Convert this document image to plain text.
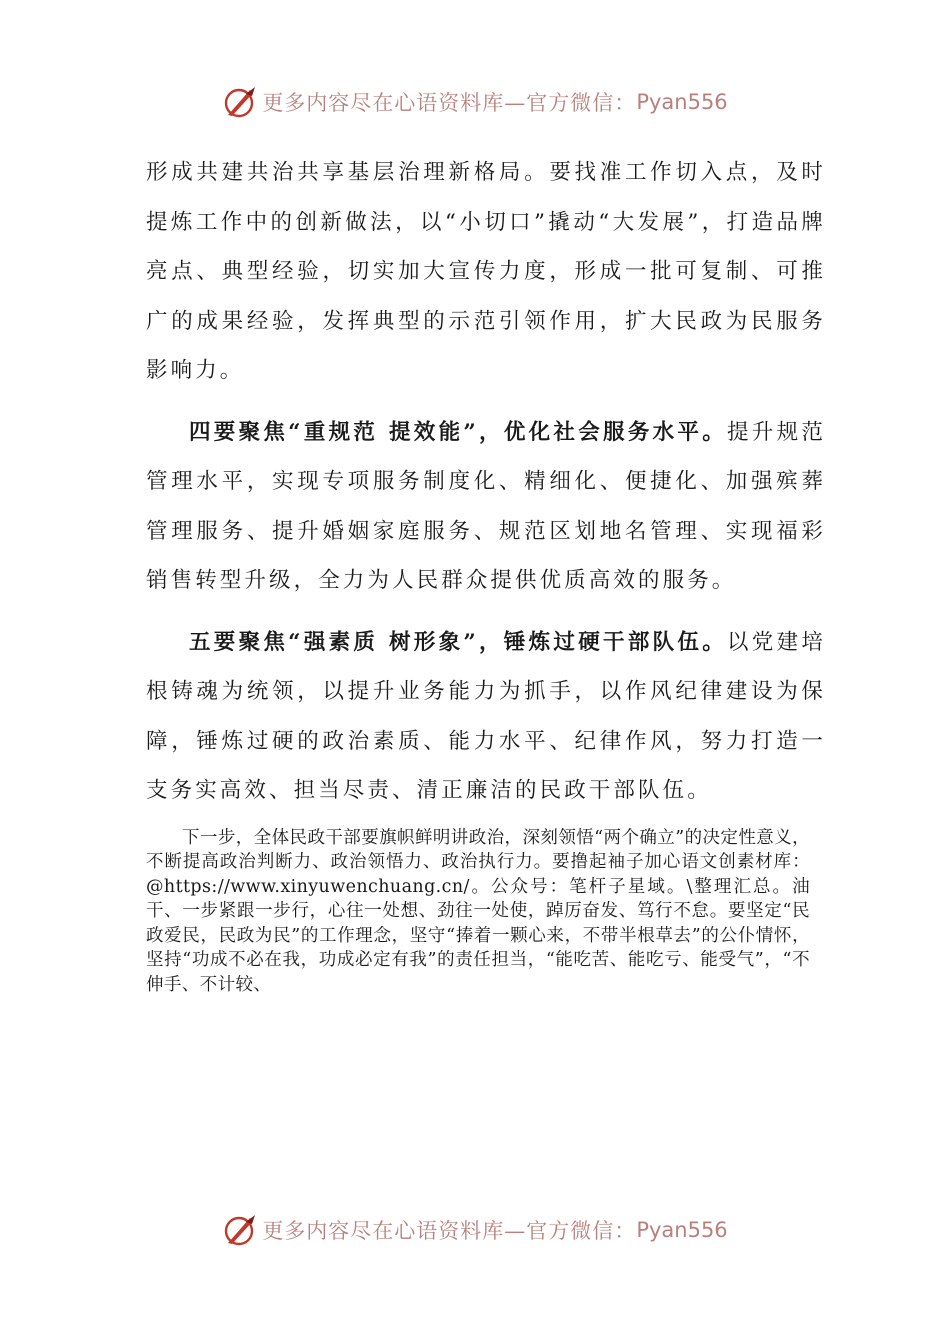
更多内容尽在心语资料库—官方微信： Pyan556

形成共建共治共享基层治理新格局。要找准工作切入点，及时提炼工作中的创新做法，以“小切口”撬动“大发展”，打造品牌亮点、典型经验，切实加大宣传力度，形成一批可复制、可推广的成果经验，发挥典型的示范引领作用，扩大民政为民服务影响力。

四要聚焦“重规范 提效能”，优化社会服务水平。提升规范管理水平，实现专项服务制度化、精细化、便捷化、加强殡葬管理服务、提升婚姻家庭服务、规范区划地名管理、实现福彩销售转型升级，全力为人民群众提供优质高效的服务。

五要聚焦“强素质 树形象”，锤炼过硬干部队伍。以党建培根铸魂为统领，以提升业务能力为抓手，以作风纪律建设为保障，锤炼过硬的政治素质、能力水平、纪律作风，努力打造一支务实高效、担当尽责、清正廉洁的民政干部队伍。

下一步，全体民政干部要旗帜鲜明讲政治，深刻领悟“两个确立”的决定性意义，不断提高政治判断力、政治领悟力、政治执行力。要撸起袖子加心语文创素材库：@https://www.xinyuwenchuang.cn/。公众号：笔杆子星域。\整理汇总。油干、一步紧跟一步行，心往一处想、劲往一处使，踔厉奋发、笃行不怠。要坚定“民政爱民，民政为民”的工作理念，坚守“捧着一颗心来，不带半根草去”的公仆情怀，坚持“功成不必在我，功成必定有我”的责任担当，“能吃苦、能吃亏、能受气”，“不伸手、不计较、

更多内容尽在心语资料库—官方微信： Pyan556
